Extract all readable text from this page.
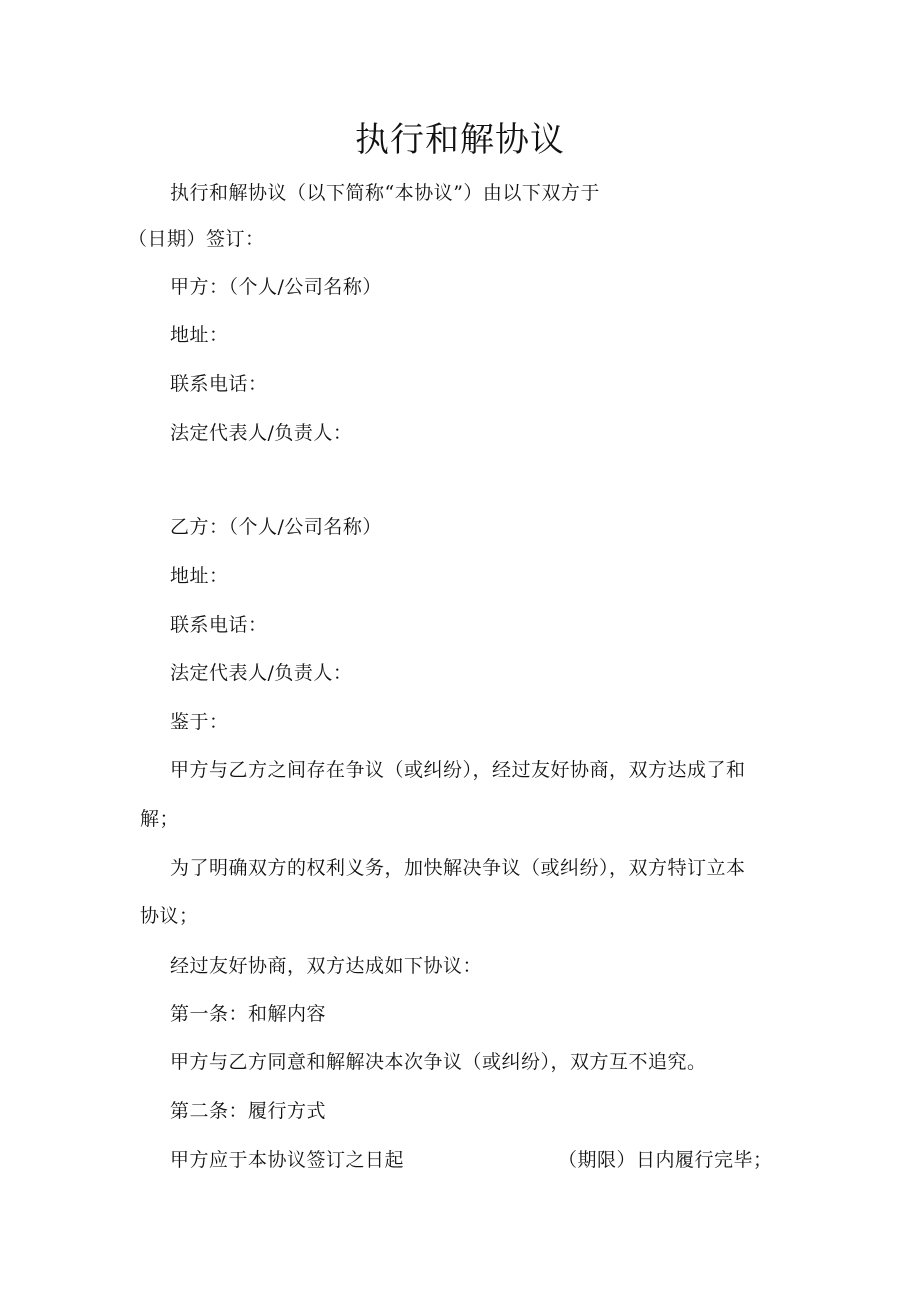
执行和解协议
执行和解协议（以下简称“本协议”）由以下双方于
（日期）签订：
甲方：（个人/公司名称）
地址：
联系电话：
法定代表人/负责人：
乙方：（个人/公司名称）
地址：
联系电话：
法定代表人/负责人：
鉴于：
甲方与乙方之间存在争议（或纠纷），经过友好协商，双方达成了和
解；
为了明确双方的权利义务，加快解决争议（或纠纷），双方特订立本
协议；
经过友好协商，双方达成如下协议：
第一条：和解内容
甲方与乙方同意和解解决本次争议（或纠纷），双方互不追究。
第二条：履行方式
甲方应于本协议签订之日起	（期限）日内履行完毕；
